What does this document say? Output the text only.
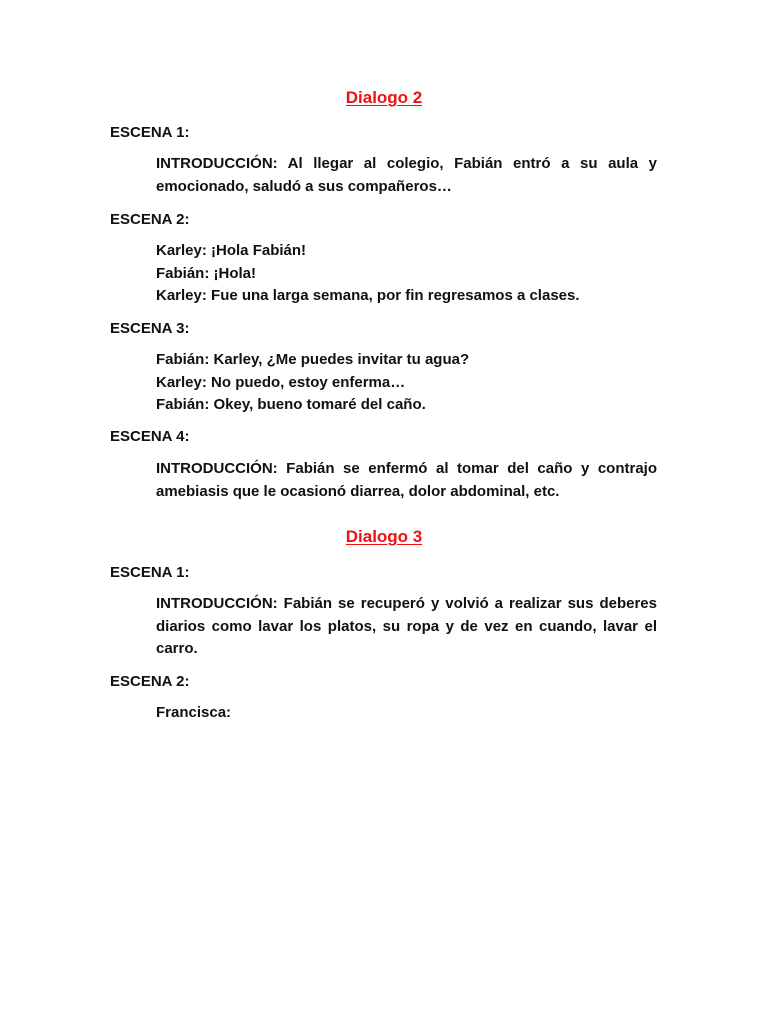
Dialogo 2
ESCENA 1:
INTRODUCCIÓN: Al llegar al colegio, Fabián entró a su aula y emocionado, saludó a sus compañeros…
ESCENA 2:
Karley: ¡Hola Fabián!
Fabián: ¡Hola!
Karley: Fue una larga semana, por fin regresamos a clases.
ESCENA 3:
Fabián: Karley, ¿Me puedes invitar tu agua?
Karley: No puedo, estoy enferma…
Fabián: Okey, bueno tomaré del caño.
ESCENA 4:
INTRODUCCIÓN: Fabián se enfermó al tomar del caño y contrajo amebiasis que le ocasionó diarrea, dolor abdominal, etc.
Dialogo 3
ESCENA 1:
INTRODUCCIÓN: Fabián se recuperó y volvió a realizar sus deberes diarios como lavar los platos, su ropa y de vez en cuando, lavar el carro.
ESCENA 2:
Francisca:
